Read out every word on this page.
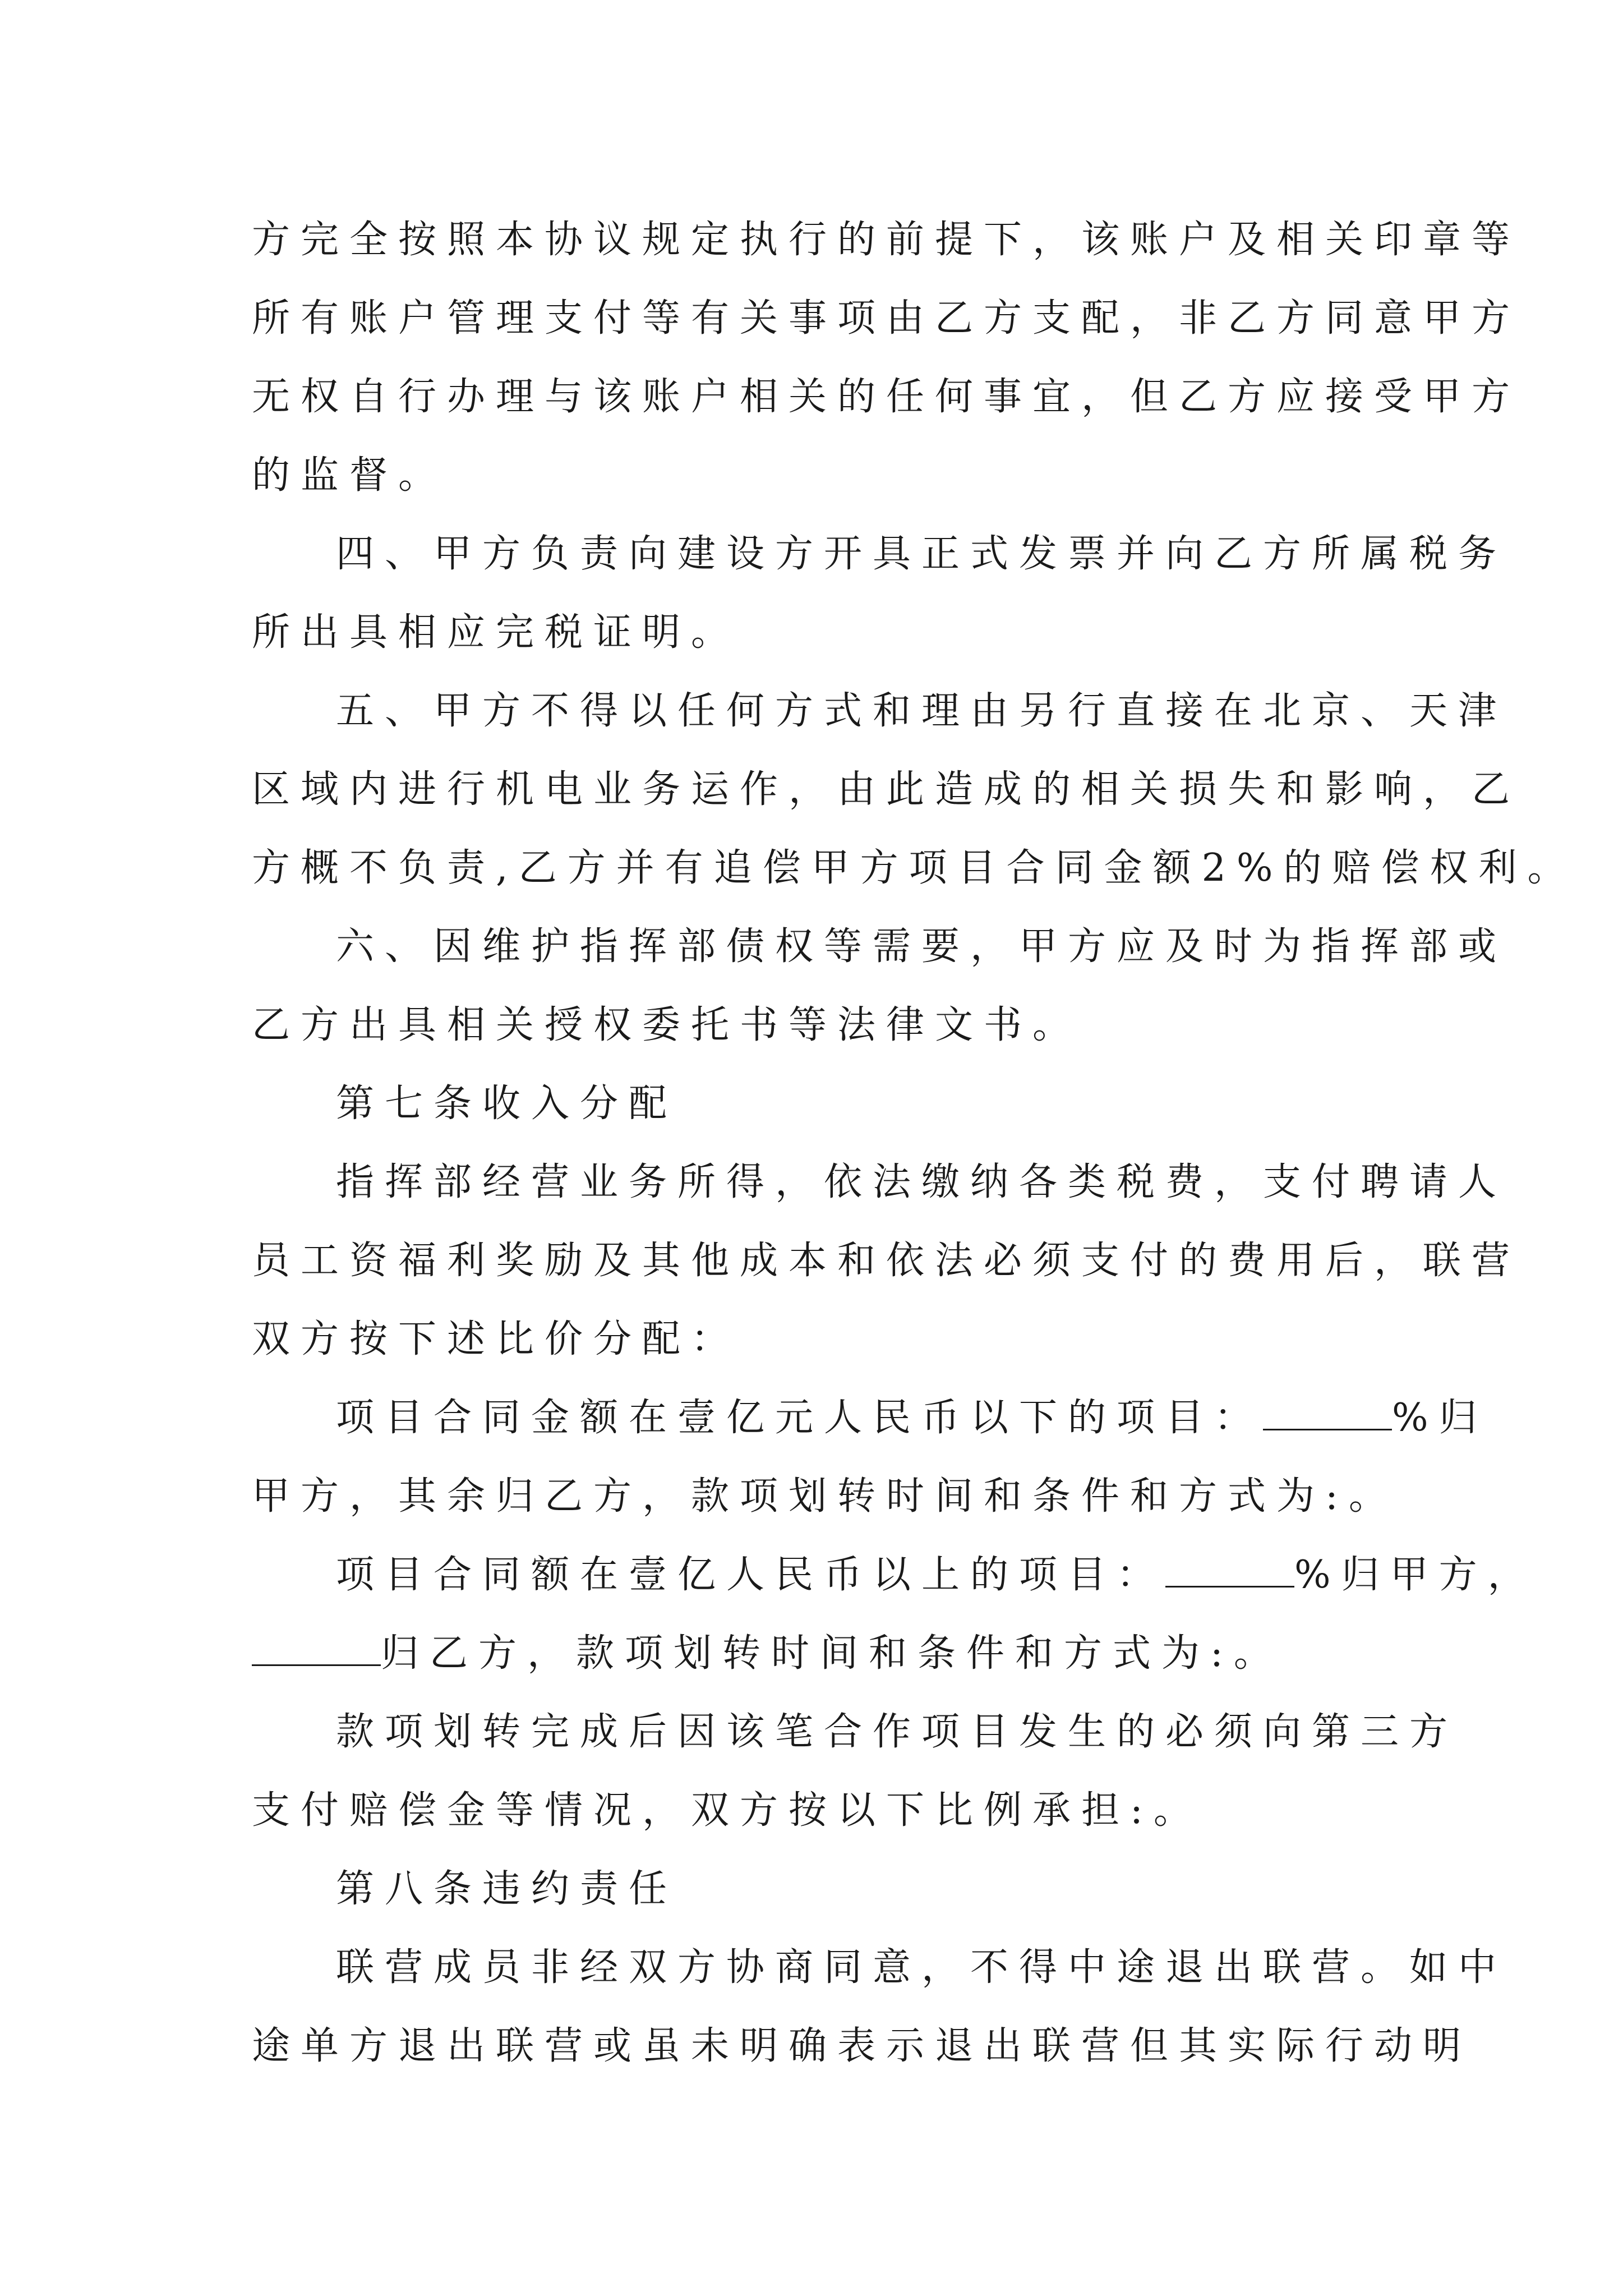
方完全按照本协议规定执行的前提下，该账户及相关印章等
所有账户管理支付等有关事项由乙方支配，非乙方同意甲方
无权自行办理与该账户相关的任何事宜，但乙方应接受甲方
的监督。
四、甲方负责向建设方开具正式发票并向乙方所属税务
所出具相应完税证明。
五、甲方不得以任何方式和理由另行直接在北京、天津
区域内进行机电业务运作，由此造成的相关损失和影响，乙
方概不负责,乙方并有追偿甲方项目合同金额2%的赔偿权利。
六、因维护指挥部债权等需要，甲方应及时为指挥部或
乙方出具相关授权委托书等法律文书。
第七条收入分配
指挥部经营业务所得，依法缴纳各类税费，支付聘请人
员工资福利奖励及其他成本和依法必须支付的费用后，联营
双方按下述比价分配：
项目合同金额在壹亿元人民币以下的项目：	%归
甲方，其余归乙方，款项划转时间和条件和方式为:。
项目合同额在壹亿人民币以上的项目：	%归甲方，
归乙方，款项划转时间和条件和方式为:。
款项划转完成后因该笔合作项目发生的必须向第三方
支付赔偿金等情况，双方按以下比例承担:。
第八条违约责任
联营成员非经双方协商同意，不得中途退出联营。如中
途单方退出联营或虽未明确表示退出联营但其实际行动明
